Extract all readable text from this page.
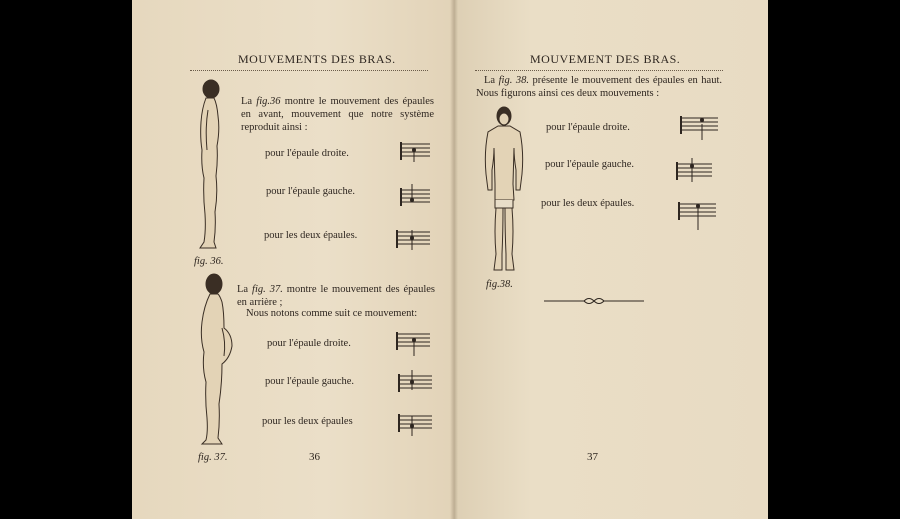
MOUVEMENTS DES BRAS.
La fig.36 montre le mouvement des épaules en avant, mouvement que notre système reproduit ainsi :
pour l'épaule droite.
pour l'épaule gauche.
pour les deux épaules.
fig. 36.
La fig. 37. montre le mouvement des épaules en arrière ;
Nous notons comme suit ce mouvement:
pour l'épaule droite.
pour l'épaule gauche.
pour les deux épaules
fig. 37.	36
MOUVEMENT DES BRAS.
La fig. 38. présente le mouvement des épaules en haut. Nous figurons ainsi ces deux mouvements :
pour l'épaule droite.
pour l'épaule gauche.
pour les deux épaules.
fig.38.
37
